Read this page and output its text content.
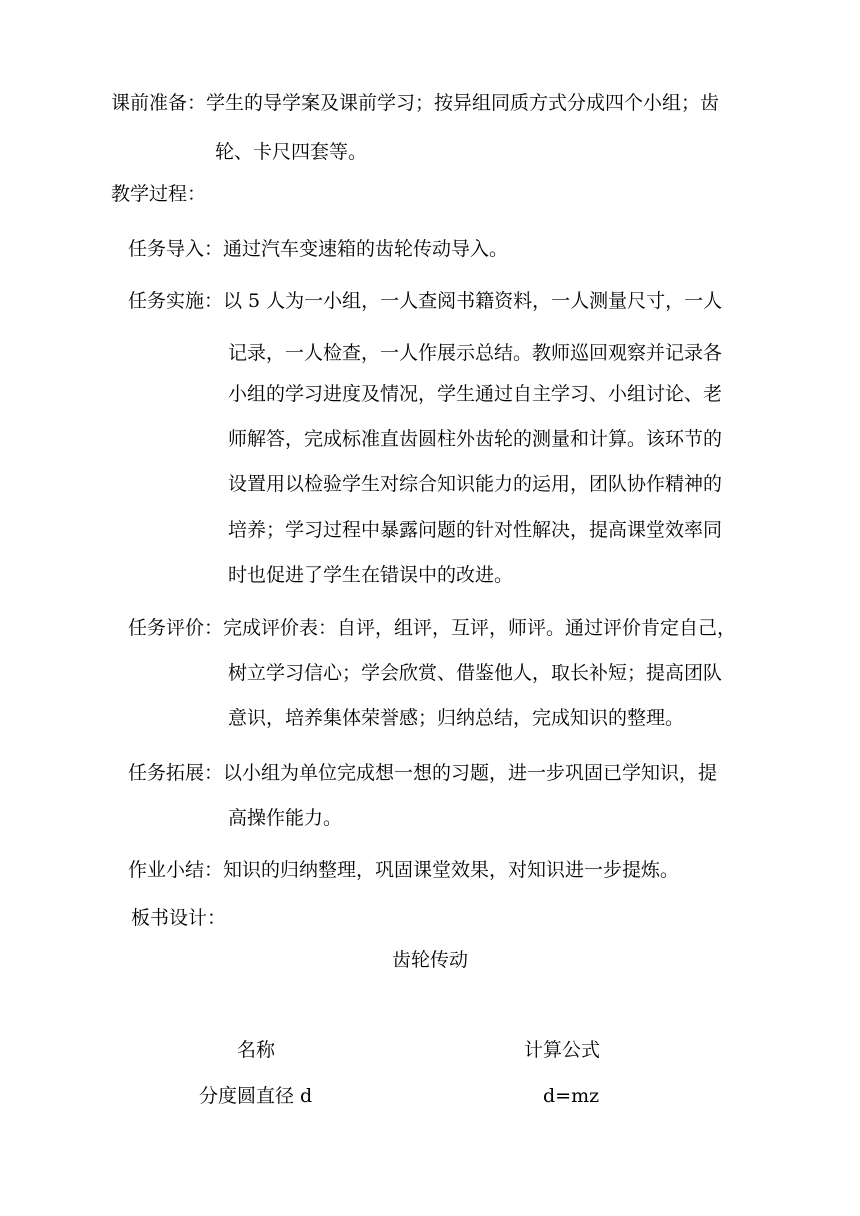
课前准备：学生的导学案及课前学习；按异组同质方式分成四个小组；齿
轮、卡尺四套等。
教学过程：
任务导入：通过汽车变速箱的齿轮传动导入。
任务实施：以 5 人为一小组，一人查阅书籍资料，一人测量尺寸，一人
记录，一人检查，一人作展示总结。教师巡回观察并记录各
小组的学习进度及情况，学生通过自主学习、小组讨论、老
师解答，完成标准直齿圆柱外齿轮的测量和计算。该环节的
设置用以检验学生对综合知识能力的运用，团队协作精神的
培养；学习过程中暴露问题的针对性解决，提高课堂效率同
时也促进了学生在错误中的改进。
任务评价：完成评价表：自评，组评，互评，师评。通过评价肯定自己，
树立学习信心；学会欣赏、借鉴他人，取长补短；提高团队
意识，培养集体荣誉感；归纳总结，完成知识的整理。
任务拓展：以小组为单位完成想一想的习题，进一步巩固已学知识，提
高操作能力。
作业小结：知识的归纳整理，巩固课堂效果，对知识进一步提炼。
板书设计：
齿轮传动
名称	计算公式
分度圆直径 d	d=mz
